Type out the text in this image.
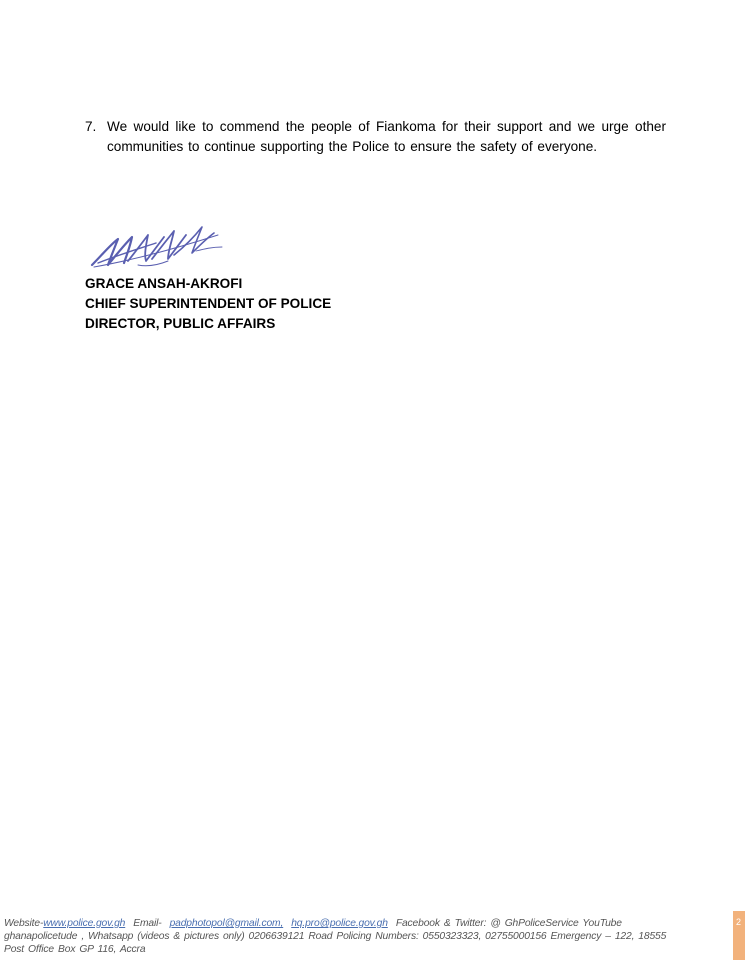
7. We would like to commend the people of Fiankoma for their support and we urge other communities to continue supporting the Police to ensure the safety of everyone.
GRACE ANSAH-AKROFI
CHIEF SUPERINTENDENT OF POLICE
DIRECTOR, PUBLIC AFFAIRS
Website-www.police.gov.gh Email- padphotopol@gmail.com, hq.pro@police.gov.gh Facebook & Twitter: @ GhPoliceService YouTube
ghanapolicetude , Whatsapp (videos & pictures only) 0206639121 Road Policing Numbers: 0550323323, 02755000156 Emergency – 122, 18555
Post Office Box GP 116, Accra
2
